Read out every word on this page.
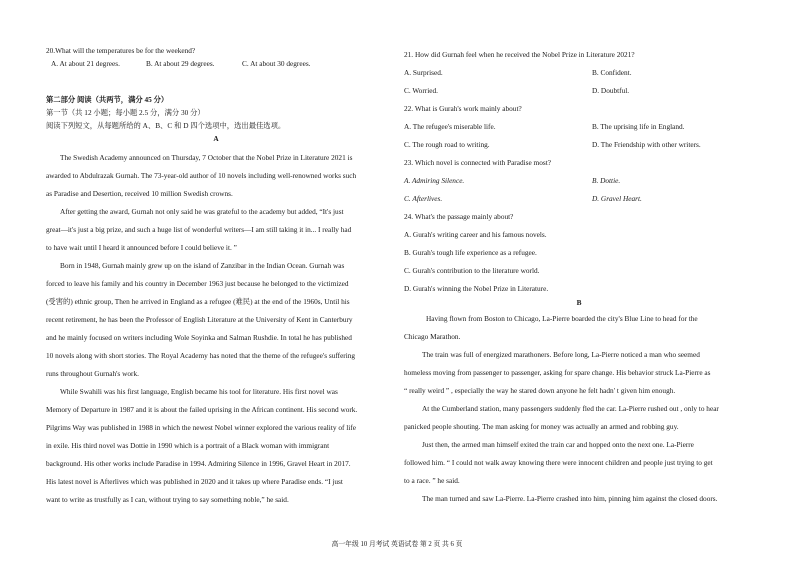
20.What will the temperatures be for the weekend?
A. At about 21 degrees.	B. At about 29 degrees.	C. At about 30 degrees.
第二部分 阅读（共两节，满分 45 分）
第一节（共 12 小题；每小题 2.5 分，满分 30 分）
阅读下列短文，从每题所给的 A、B、C 和 D 四个选项中，选出最佳选项。
A
The Swedish Academy announced on Thursday, 7 October that the Nobel Prize in Literature 2021 is
awarded to Abdulrazak Gurnah. The 73-year-old author of 10 novels including well-renowned works such
as Paradise and Desertion, received 10 million Swedish crowns.
After getting the award, Gurnah not only said he was grateful to the academy but added, “It's just
great—it's just a big prize, and such a huge list of wonderful writers—I am still taking it in... I really had
to have wait until I heard it announced before I could believe it. ”
Born in 1948, Gurnah mainly grew up on the island of Zanzibar in the Indian Ocean. Gurnah was
forced to leave his family and his country in December 1963 just because he belonged to the victimized
(受害的) ethnic group, Then he arrived in England as a refugee (难民) at the end of the 1960s, Until his
recent retirement, he has been the Professor of English Literature at the University of Kent in Canterbury
and he mainly focused on writers including Wole Soyinka and Salman Rushdie. In total he has published
10 novels along with short stories. The Royal Academy has noted that the theme of the refugee's suffering
runs throughout Gurnah's work.
While Swahili was his first language, English became his tool for literature. His first novel was
Memory of Departure in 1987 and it is about the failed uprising in the African continent. His second work.
Pilgrims Way was published in 1988 in which the newest Nobel winner explored the various reality of life
in exile. His third novel was Dottie in 1990 which is a portrait of a Black woman with immigrant
background. His other works include Paradise in 1994. Admiring Silence in 1996, Gravel Heart in 2017.
His latest novel is Afterlives which was published in 2020 and it takes up where Paradise ends. “I just
want to write as trustfully as I can, without trying to say something noble,” he said.
21. How did Gurnah feel when he received the Nobel Prize in Literature 2021?
A. Surprised.	B. Confident.
C. Worried.	D. Doubtful.
22. What is Gurah's work mainly about?
A. The refugee's miserable life.	B. The uprising life in England.
C. The rough road to writing.	D. The Friendship with other writers.
23. Which novel is connected with Paradise most?
A. Admiring Silence.	B. Dottie.
C. Afterlives.	D. Gravel Heart.
24. What's the passage mainly about?
A. Gurah's writing career and his famous novels.
B. Gurah's tough life experience as a refugee.
C. Gurah's contribution to the literature world.
D. Gurah's winning the Nobel Prize in Literature.
B
Having flown from Boston to Chicago, La-Pierre boarded the city's Blue Line to head for the
Chicago Marathon.
The train was full of energized marathoners. Before long, La-Pierre noticed a man who seemed
homeless moving from passenger to passenger, asking for spare change. His behavior struck La-Pierre as
“ really weird ” , especially the way he stared down anyone he felt hadn' t given him enough.
At the Cumberland station, many passengers suddenly fled the car. La-Pierre rushed out , only to hear
panicked people shouting. The man asking for money was actually an armed and robbing guy.
Just then, the armed man himself exited the train car and hopped onto the next one. La-Pierre
followed him. “ I could not walk away knowing there were innocent children and people just trying to get
to a race. ” he said.
The man turned and saw La-Pierre. La-Pierre crashed into him, pinning him against the closed doors.
高一年级 10 月考试 英语试卷 第 2 页 共 6 页
